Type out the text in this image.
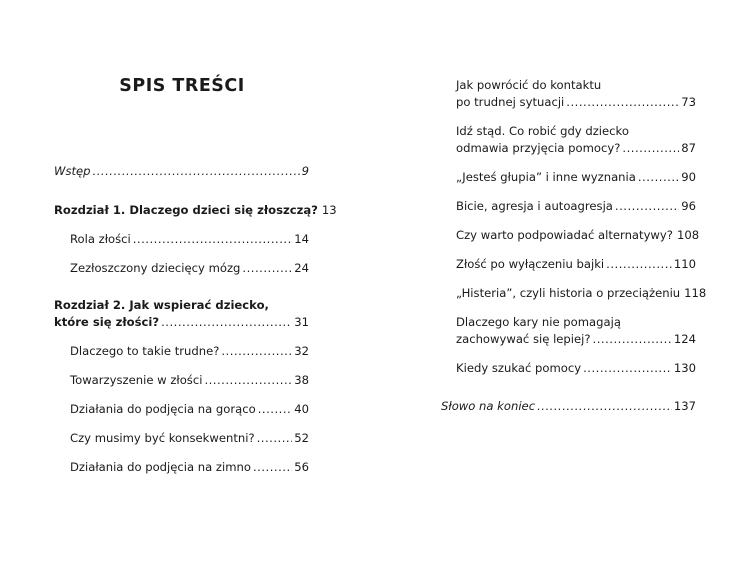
SPIS TREŚCI
Wstęp .....	9
Rozdział 1. Dlaczego dzieci się złoszczą? 13
Rola złości .....	14
Zezłoszczony dziecięcy mózg .....	24
Rozdział 2. Jak wspierać dziecko,
które się złości? .....	31
Dlaczego to takie trudne? .....	32
Towarzyszenie w złości .....	38
Działania do podjęcia na gorąco .....	40
Czy musimy być konsekwentni? .....	52
Działania do podjęcia na zimno .....	56
Jak powrócić do kontaktu
po trudnej sytuacji .....	73
Idź stąd. Co robić gdy dziecko
odmawia przyjęcia pomocy? .....	87
„Jesteś głupia” i inne wyznania .....	90
Bicie, agresja i autoagresja .....	96
Czy warto podpowiadać alternatywy? 108
Złość po wyłączeniu bajki .....	110
„Histeria”, czyli historia o przeciążeniu 118
Dlaczego kary nie pomagają
zachowywać się lepiej? .....	124
Kiedy szukać pomocy .....	130
Słowo na koniec .....	137
